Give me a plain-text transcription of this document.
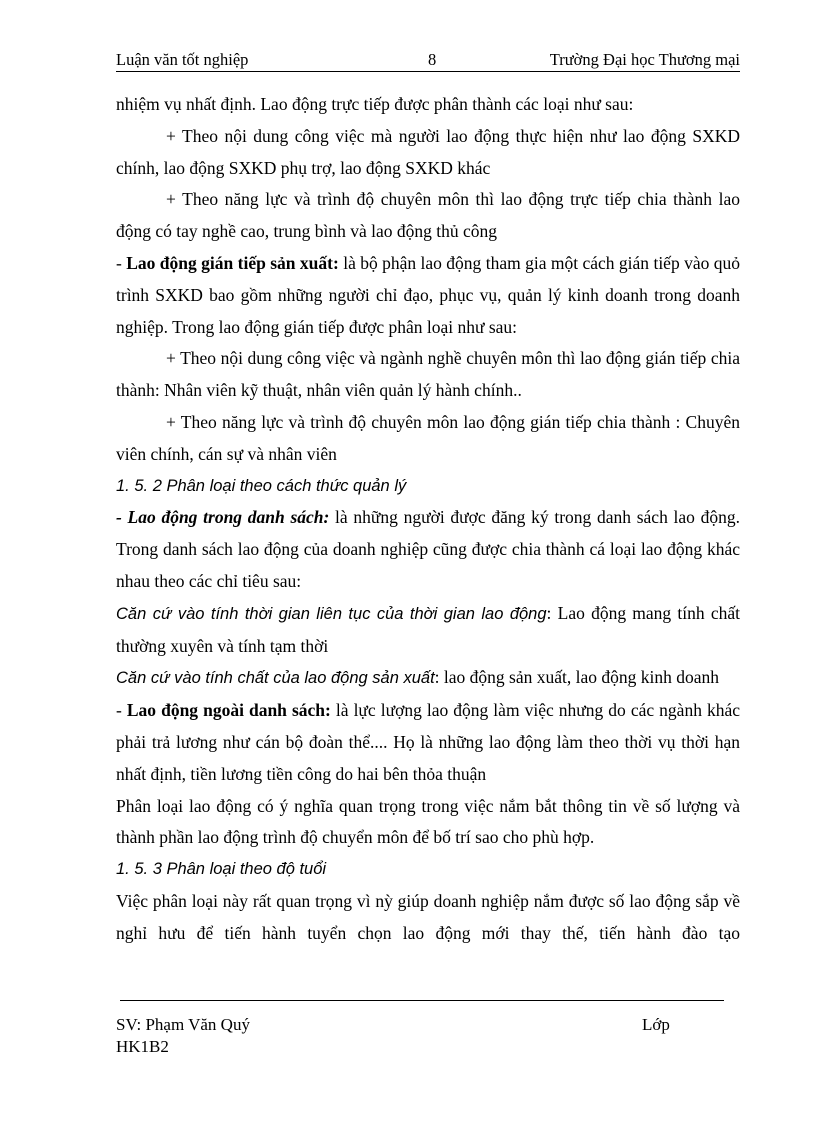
Luận văn tốt nghiệp	8	Trường Đại học Thương mại

nhiệm vụ nhất định. Lao động trực tiếp được phân thành các loại như sau:

+ Theo nội dung công việc mà người lao động thực hiện như lao động SXKD chính, lao động SXKD phụ trợ, lao động SXKD khác

+ Theo năng lực và trình độ chuyên môn thì lao động trực tiếp chia thành lao động có tay nghề cao, trung bình và lao động thủ công

- Lao động gián tiếp sản xuất: là bộ phận lao động tham gia một cách gián tiếp vào quỏ trình SXKD bao gồm những người chỉ đạo, phục vụ, quản lý kinh doanh trong doanh nghiệp. Trong lao động gián tiếp được phân loại như sau:

+ Theo nội dung công việc và ngành nghề chuyên môn thì lao động gián tiếp chia thành: Nhân viên kỹ thuật, nhân viên quản lý hành chính..

+ Theo năng lực và trình độ chuyên môn lao động gián tiếp chia thành : Chuyên viên chính, cán sự và nhân viên

1. 5. 2 Phân loại theo cách thức quản lý

- Lao động trong danh sách: là những người được đăng ký trong danh sách lao động. Trong danh sách lao động của doanh nghiệp cũng được chia thành cá loại lao động khác nhau theo các chỉ tiêu sau:

Căn cứ vào tính thời gian liên tục của thời gian lao động: Lao động mang tính chất thường xuyên và tính tạm thời

Căn cứ vào tính chất của lao động sản xuất: lao động sản xuất, lao động kinh doanh

- Lao động ngoài danh sách: là lực lượng lao động làm việc nhưng do các ngành khác phải trả lương như cán bộ đoàn thể.... Họ là những lao động làm theo thời vụ thời hạn nhất định, tiền lương tiền công do hai bên thỏa thuận

Phân loại lao động có ý nghĩa quan trọng trong việc nắm bắt thông tin về số lượng và thành phần lao động trình độ chuyển môn để bố trí sao cho phù hợp.

1. 5. 3 Phân loại theo độ tuổi

Việc phân loại này rất quan trọng vì nỳ giúp doanh nghiệp nắm được số lao động sắp về nghỉ hưu để tiến hành tuyển chọn lao động mới thay thế, tiến hành đào tạo

SV: Phạm Văn Quý	Lớp
HK1B2
